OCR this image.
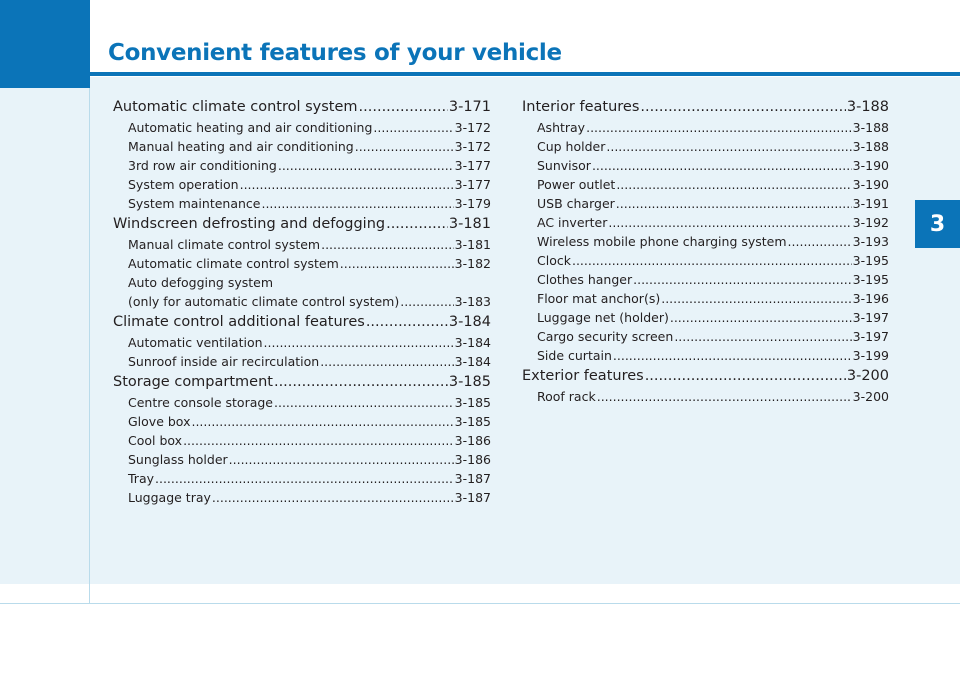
Convenient features of your vehicle
3
Automatic climate control system .....	3-171
Automatic heating and air conditioning .....	3-172
Manual heating and air conditioning .....	3-172
3rd row air conditioning .....	3-177
System operation .....	3-177
System maintenance .....	3-179
Windscreen defrosting and defogging .....	3-181
Manual climate control system .....	3-181
Automatic climate control system .....	3-182
Auto defogging system
(only for automatic climate control system) .....	3-183
Climate control additional features .....	3-184
Automatic ventilation .....	3-184
Sunroof inside air recirculation .....	3-184
Storage compartment .....	3-185
Centre console storage .....	3-185
Glove box .....	3-185
Cool box .....	3-186
Sunglass holder .....	3-186
Tray .....	3-187
Luggage tray .....	3-187
Interior features .....	3-188
Ashtray .....	3-188
Cup holder .....	3-188
Sunvisor .....	3-190
Power outlet .....	3-190
USB charger .....	3-191
AC inverter .....	3-192
Wireless mobile phone charging system .....	3-193
Clock .....	3-195
Clothes hanger .....	3-195
Floor mat anchor(s) .....	3-196
Luggage net (holder) .....	3-197
Cargo security screen .....	3-197
Side curtain .....	3-199
Exterior features .....	3-200
Roof rack .....	3-200
